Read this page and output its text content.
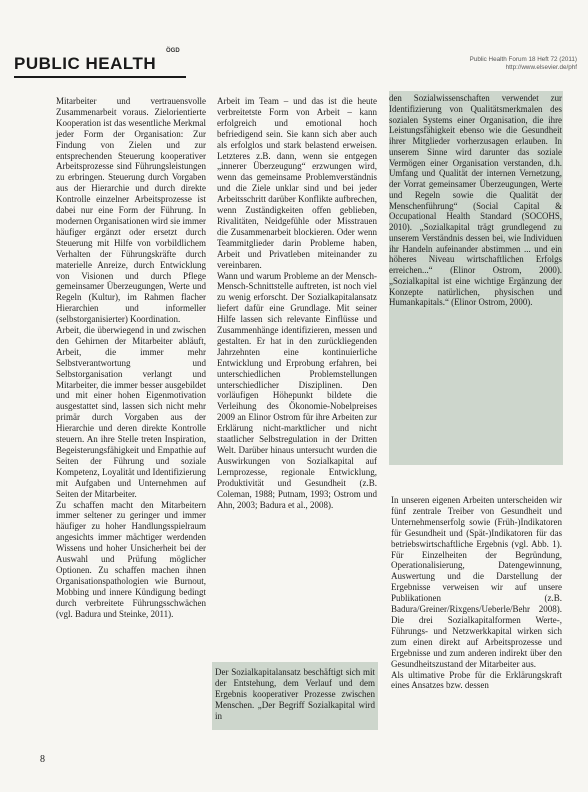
ÖGD
PUBLIC HEALTH	Public Health Forum 18 Heft 72 (2011)
http://www.elsevier.de/phf

Mitarbeiter und vertrauensvolle Zusammenarbeit voraus. Zielorientierte Kooperation ist das wesentliche Merkmal jeder Form der Organisation: Zur Findung von Zielen und zur entsprechenden Steuerung kooperativer Arbeitsprozesse sind Führungsleistungen zu erbringen. Steuerung durch Vorgaben aus der Hierarchie und durch direkte Kontrolle einzelner Arbeitsprozesse ist dabei nur eine Form der Führung. In modernen Organisationen wird sie immer häufiger ergänzt oder ersetzt durch Steuerung mit Hilfe von vorbildlichem Verhalten der Führungskräfte durch materielle Anreize, durch Entwicklung von Visionen und durch Pflege gemeinsamer Überzeugungen, Werte und Regeln (Kultur), im Rahmen flacher Hierarchien und informeller (selbstorganisierter) Koordination.

Arbeit, die überwiegend in und zwischen den Gehirnen der Mitarbeiter abläuft, Arbeit, die immer mehr Selbstverantwortung und Selbstorganisation verlangt und Mitarbeiter, die immer besser ausgebildet und mit einer hohen Eigenmotivation ausgestattet sind, lassen sich nicht mehr primär durch Vorgaben aus der Hierarchie und deren direkte Kontrolle steuern. An ihre Stelle treten Inspiration, Begeisterungsfähigkeit und Empathie auf Seiten der Führung und soziale Kompetenz, Loyalität und Identifizierung mit Aufgaben und Unternehmen auf Seiten der Mitarbeiter.

Zu schaffen macht den Mitarbeitern immer seltener zu geringer und immer häufiger zu hoher Handlungsspielraum angesichts immer mächtiger werdenden Wissens und hoher Unsicherheit bei der Auswahl und Prüfung möglicher Optionen. Zu schaffen machen ihnen Organisationspathologien wie Burnout, Mobbing und innere Kündigung bedingt durch verbreitete Führungsschwächen (vgl. Badura und Steinke, 2011).

Arbeit im Team – und das ist die heute verbreitetste Form von Arbeit – kann erfolgreich und emotional hoch befriedigend sein. Sie kann sich aber auch als erfolglos und stark belastend erweisen. Letzteres z.B. dann, wenn sie entgegen „innerer Überzeugung“ erzwungen wird, wenn das gemeinsame Problemverständnis und die Ziele unklar sind und bei jeder Arbeitsschritt darüber Konflikte aufbrechen, wenn Zuständigkeiten offen geblieben, Rivalitäten, Neidgefühle oder Misstrauen die Zusammenarbeit blockieren. Oder wenn Teammitglieder darin Probleme haben, Arbeit und Privatleben miteinander zu vereinbaren.

Wann und warum Probleme an der Mensch-Mensch-Schnittstelle auftreten, ist noch viel zu wenig erforscht. Der Sozialkapitalansatz liefert dafür eine Grundlage. Mit seiner Hilfe lassen sich relevante Einflüsse und Zusammenhänge identifizieren, messen und gestalten. Er hat in den zurückliegenden Jahrzehnten eine kontinuierliche Entwicklung und Erprobung erfahren, bei unterschiedlichen Problemstellungen unterschiedlicher Disziplinen. Den vorläufigen Höhepunkt bildete die Verleihung des Ökonomie-Nobelpreises 2009 an Elinor Ostrom für ihre Arbeiten zur Erklärung nicht-marktlicher und nicht staatlicher Selbstregulation in der Dritten Welt. Darüber hinaus untersucht wurden die Auswirkungen von Sozialkapital auf Lernprozesse, regionale Entwicklung, Produktivität und Gesundheit (z.B. Coleman, 1988; Putnam, 1993; Ostrom und Ahn, 2003; Badura et al., 2008).

Der Sozialkapitalansatz beschäftigt sich mit der Entstehung, dem Verlauf und dem Ergebnis kooperativer Prozesse zwischen Menschen. „Der Begriff Sozialkapital wird in

den Sozialwissenschaften verwendet zur Identifizierung von Qualitätsmerkmalen des sozialen Systems einer Organisation, die ihre Leistungsfähigkeit ebenso wie die Gesundheit ihrer Mitglieder vorherzusagen erlauben. In unserem Sinne wird darunter das soziale Vermögen einer Organisation verstanden, d.h. Umfang und Qualität der internen Vernetzung, der Vorrat gemeinsamer Überzeugungen, Werte und Regeln sowie die Qualität der Menschenführung“ (Social Capital & Occupational Health Standard (SOCOHS, 2010). „Sozialkapital trägt grundlegend zu unserem Verständnis dessen bei, wie Individuen ihr Handeln aufeinander abstimmen ... und ein höheres Niveau wirtschaftlichen Erfolgs erreichen...“ (Elinor Ostrom, 2000). „Sozialkapital ist eine wichtige Ergänzung der Konzepte natürlichen, physischen und Humankapitals.“ (Elinor Ostrom, 2000).

In unseren eigenen Arbeiten unterscheiden wir fünf zentrale Treiber von Gesundheit und Unternehmenserfolg sowie (Früh-)Indikatoren für Gesundheit und (Spät-)Indikatoren für das betriebswirtschaftliche Ergebnis (vgl. Abb. 1). Für Einzelheiten der Begründung, Operationalisierung, Datengewinnung, Auswertung und die Darstellung der Ergebnisse verweisen wir auf unsere Publikationen (z.B. Badura/Greiner/Rixgens/Ueberle/Behr 2008). Die drei Sozialkapitalformen Werte-, Führungs- und Netzwerkkapital wirken sich zum einen direkt auf Arbeitsprozesse und Ergebnisse und zum anderen indirekt über den Gesundheitszustand der Mitarbeiter aus.

Als ultimative Probe für die Erklärungskraft eines Ansatzes bzw. dessen

8
